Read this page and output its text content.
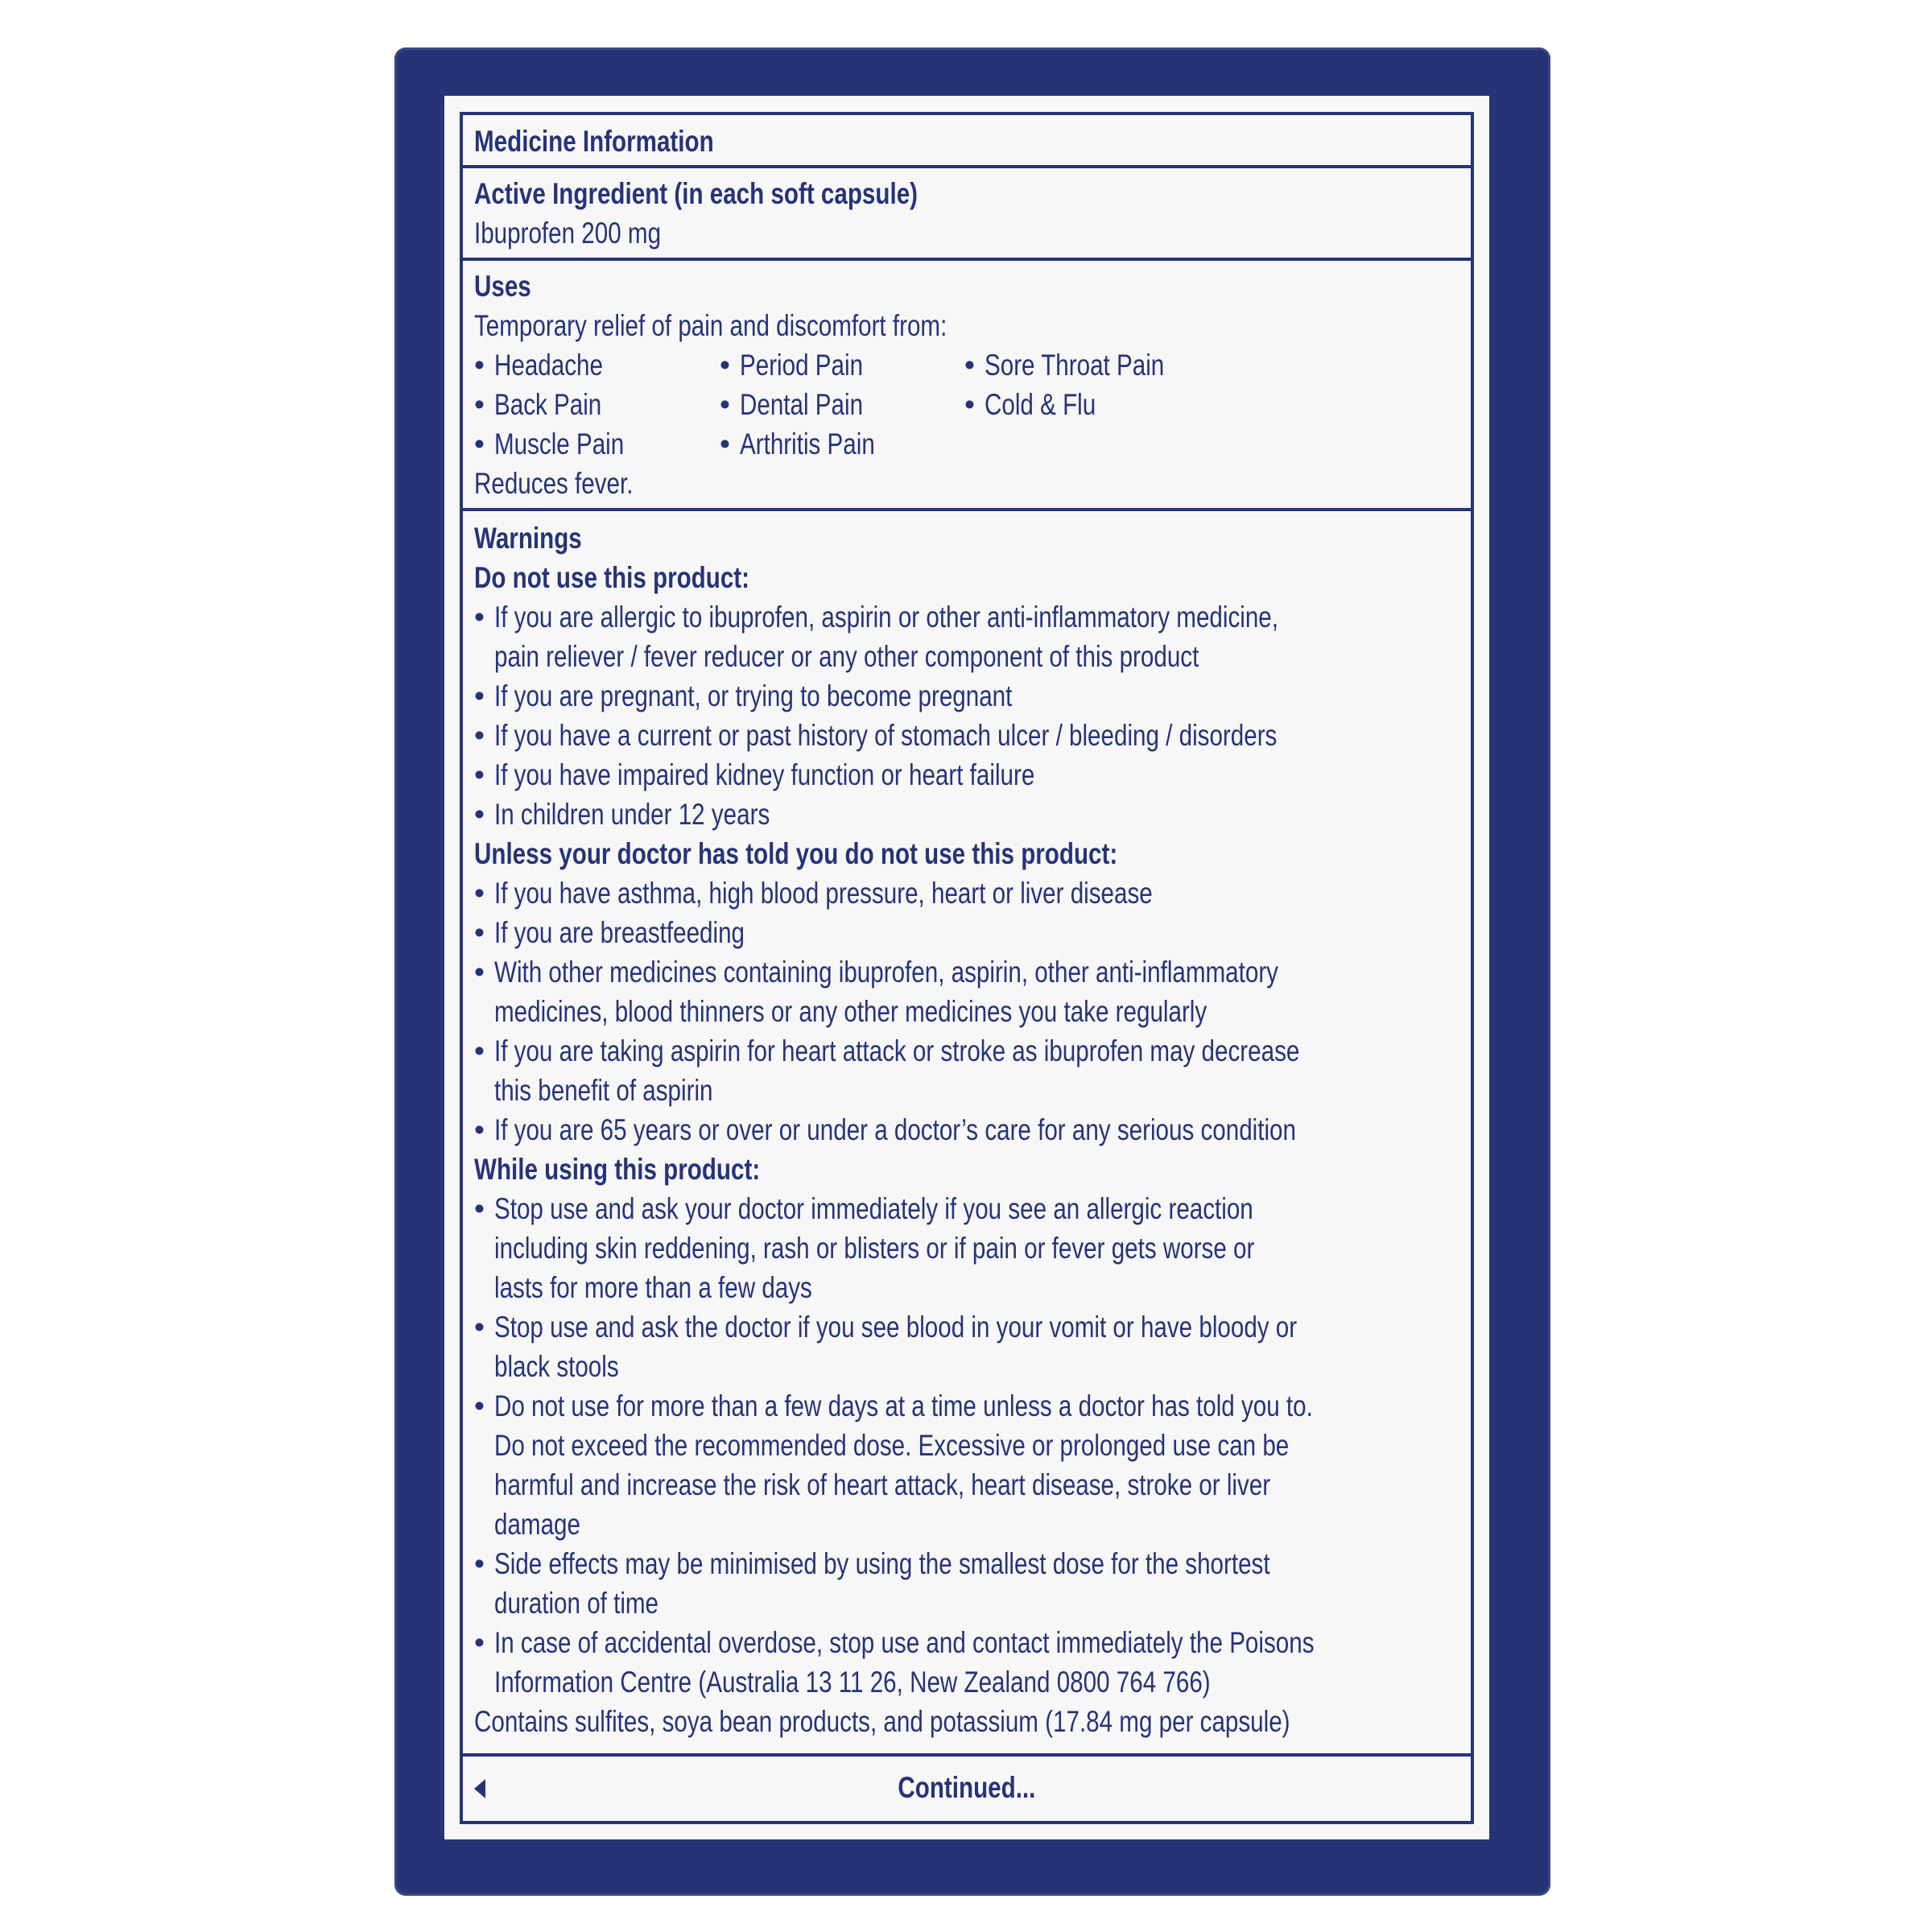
Medicine Information
Active Ingredient (in each soft capsule)
Ibuprofen 200 mg
Uses
Temporary relief of pain and discomfort from:
• Headache	• Period Pain	• Sore Throat Pain
• Back Pain	• Dental Pain	• Cold & Flu
• Muscle Pain	• Arthritis Pain
Reduces fever.
Warnings
Do not use this product:
• If you are allergic to ibuprofen, aspirin or other anti-inflammatory medicine,
pain reliever / fever reducer or any other component of this product
• If you are pregnant, or trying to become pregnant
• If you have a current or past history of stomach ulcer / bleeding / disorders
• If you have impaired kidney function or heart failure
• In children under 12 years
Unless your doctor has told you do not use this product:
• If you have asthma, high blood pressure, heart or liver disease
• If you are breastfeeding
• With other medicines containing ibuprofen, aspirin, other anti-inflammatory
medicines, blood thinners or any other medicines you take regularly
• If you are taking aspirin for heart attack or stroke as ibuprofen may decrease
this benefit of aspirin
• If you are 65 years or over or under a doctor’s care for any serious condition
While using this product:
• Stop use and ask your doctor immediately if you see an allergic reaction
including skin reddening, rash or blisters or if pain or fever gets worse or
lasts for more than a few days
• Stop use and ask the doctor if you see blood in your vomit or have bloody or
black stools
• Do not use for more than a few days at a time unless a doctor has told you to.
Do not exceed the recommended dose. Excessive or prolonged use can be
harmful and increase the risk of heart attack, heart disease, stroke or liver
damage
• Side effects may be minimised by using the smallest dose for the shortest
duration of time
• In case of accidental overdose, stop use and contact immediately the Poisons
Information Centre (Australia 13 11 26, New Zealand 0800 764 766)
Contains sulfites, soya bean products, and potassium (17.84 mg per capsule)
Continued...
